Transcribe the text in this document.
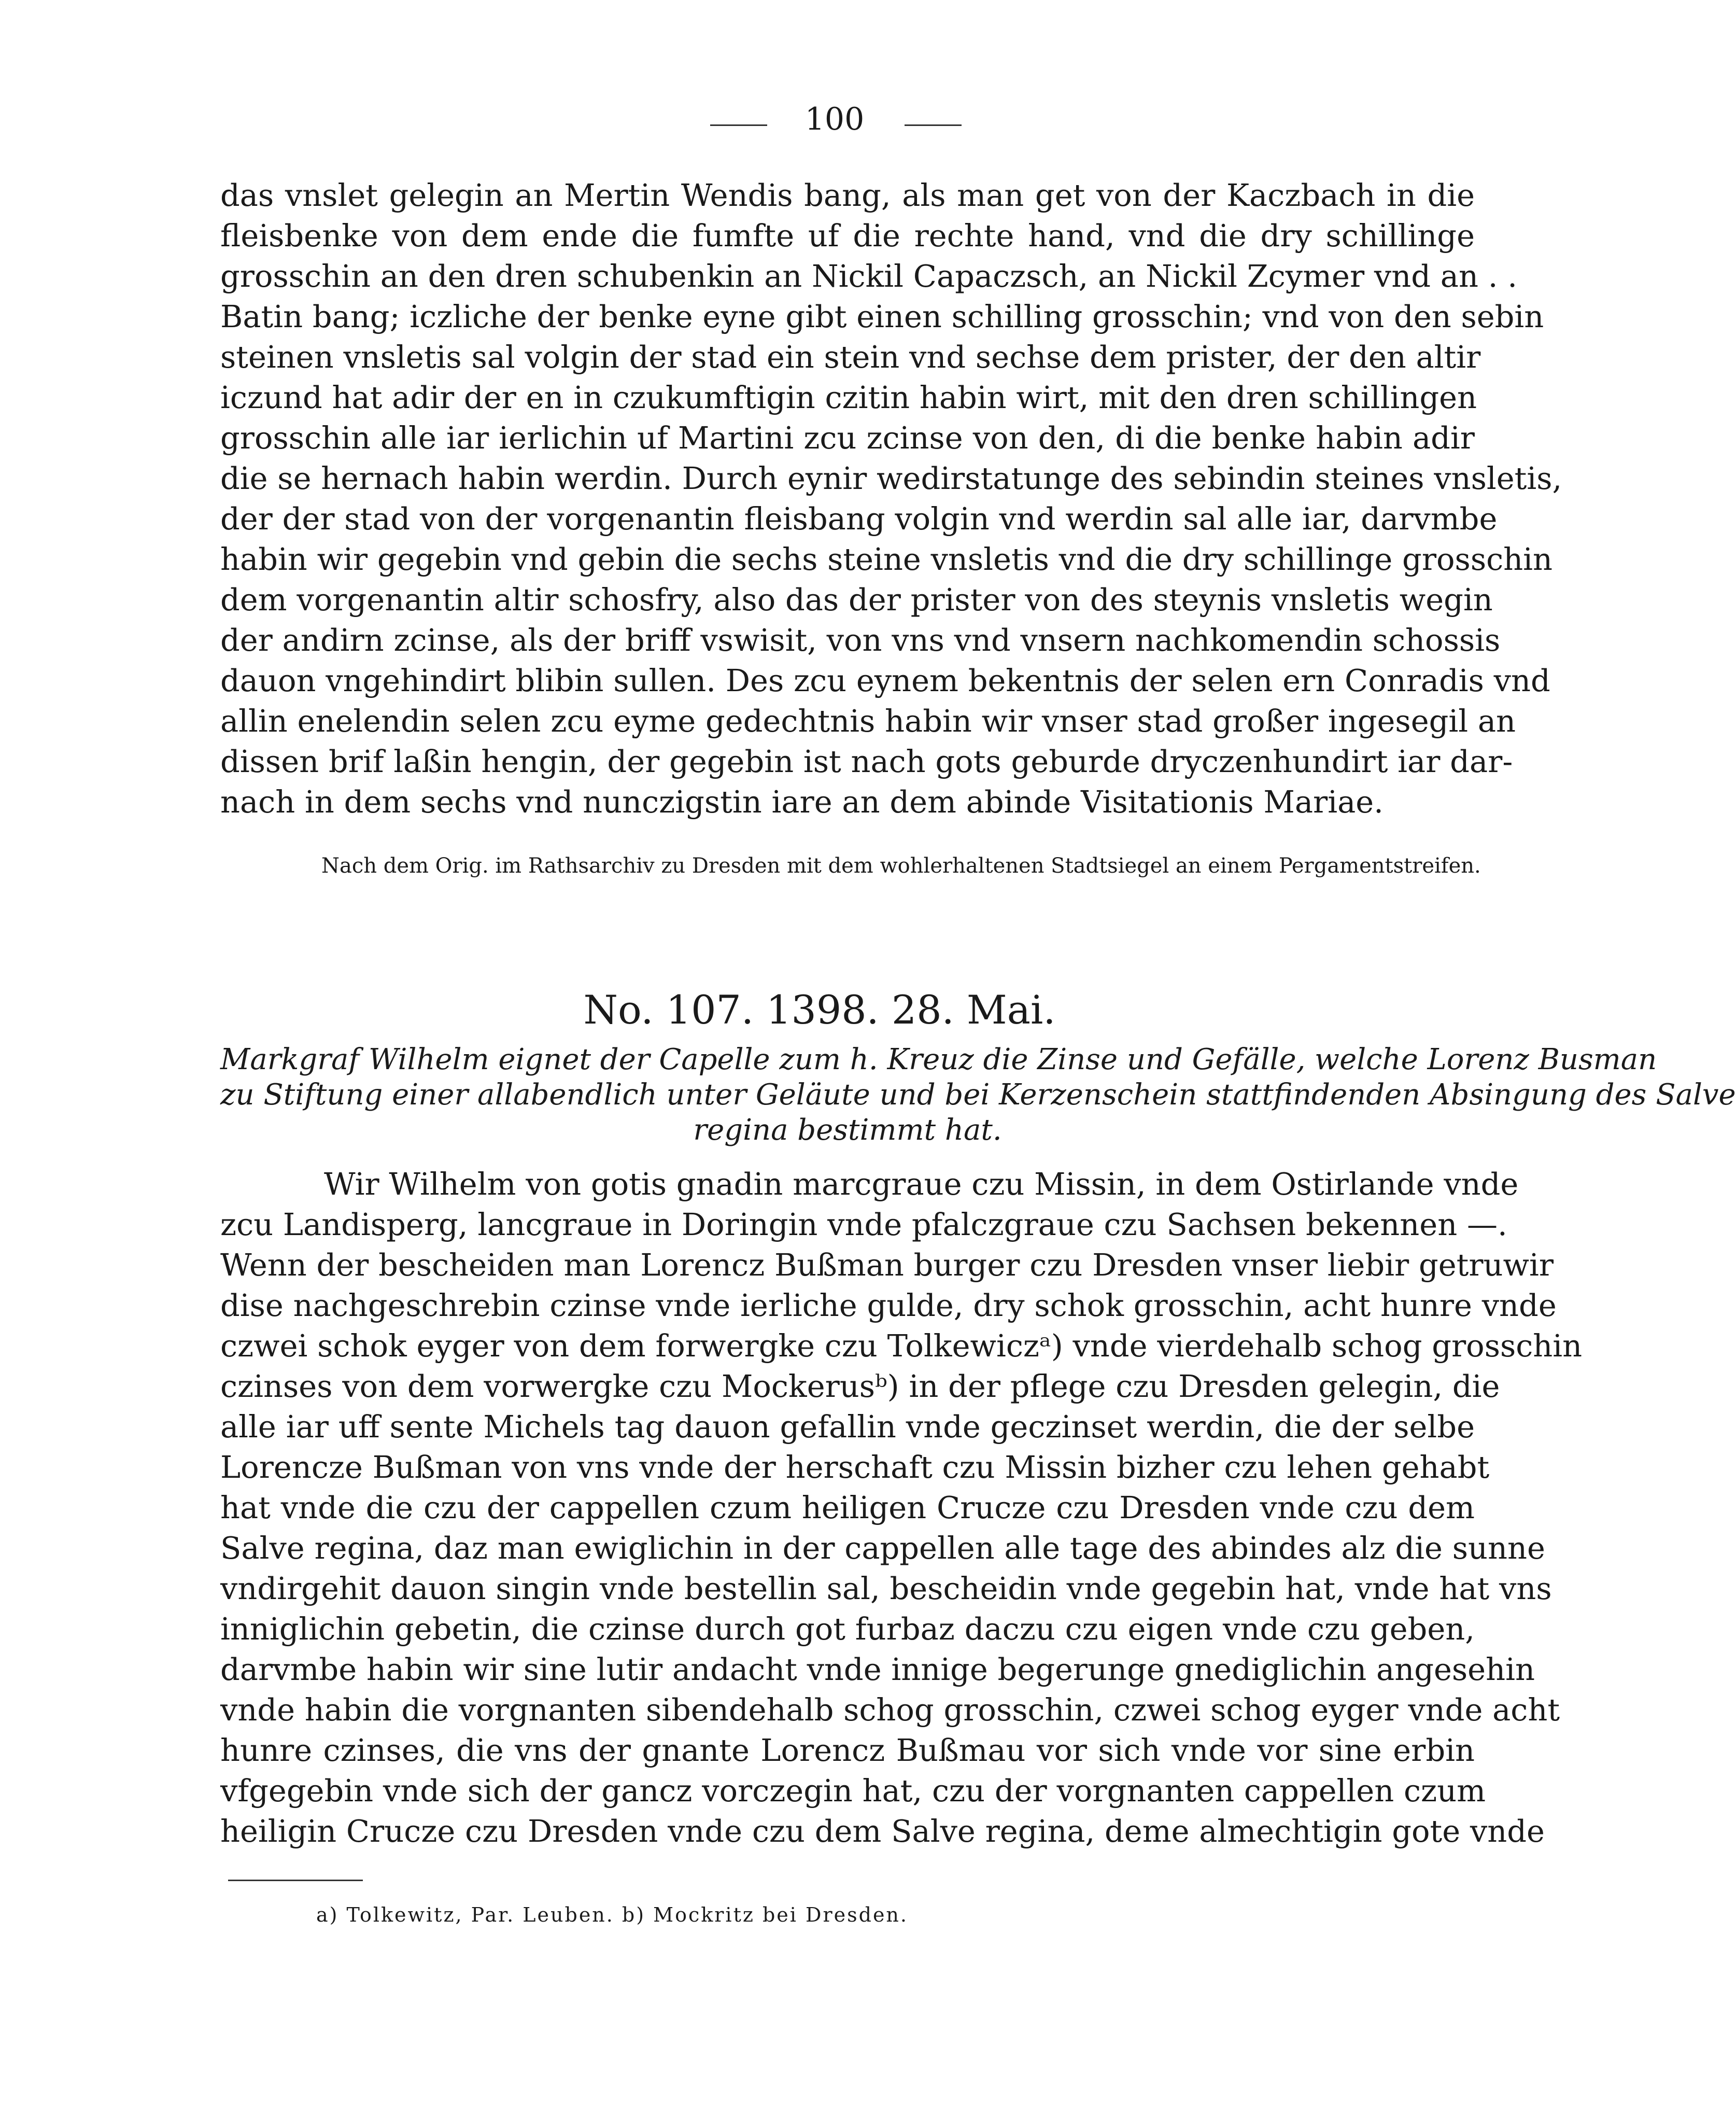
100
das vnslet gelegin an Mertin Wendis bang, als man get von der Kaczbach in die
fleisbenke von dem ende die fumfte uf die rechte hand, vnd die dry schillinge
grosschin an den dren schubenkin an Nickil Capaczsch, an Nickil Zcymer vnd an . .
Batin bang; iczliche der benke eyne gibt einen schilling grosschin; vnd von den sebin
steinen vnsletis sal volgin der stad ein stein vnd sechse dem prister, der den altir
iczund hat adir der en in czukumftigin czitin habin wirt, mit den dren schillingen
grosschin alle iar ierlichin uf Martini zcu zcinse von den, di die benke habin adir
die se hernach habin werdin. Durch eynir wedirstatunge des sebindin steines vnsletis,
der der stad von der vorgenantin fleisbang volgin vnd werdin sal alle iar, darvmbe
habin wir gegebin vnd gebin die sechs steine vnsletis vnd die dry schillinge grosschin
dem vorgenantin altir schosfry, also das der prister von des steynis vnsletis wegin
der andirn zcinse, als der briff vswisit, von vns vnd vnsern nachkomendin schossis
dauon vngehindirt blibin sullen. Des zcu eynem bekentnis der selen ern Conradis vnd
allin enelendin selen zcu eyme gedechtnis habin wir vnser stad großer ingesegil an
dissen brif laßin hengin, der gegebin ist nach gots geburde dryczenhundirt iar dar-
nach in dem sechs vnd nunczigstin iare an dem abinde Visitationis Mariae.
Nach dem Orig. im Rathsarchiv zu Dresden mit dem wohlerhaltenen Stadtsiegel an einem Pergamentstreifen.
No. 107. 1398. 28. Mai.
Markgraf Wilhelm eignet der Capelle zum h. Kreuz die Zinse und Gefälle, welche Lorenz Busman
zu Stiftung einer allabendlich unter Geläute und bei Kerzenschein stattfindenden Absingung des Salve
regina bestimmt hat.
Wir Wilhelm von gotis gnadin marcgraue czu Missin, in dem Ostirlande vnde
zcu Landisperg, lancgraue in Doringin vnde pfalczgraue czu Sachsen bekennen —.
Wenn der bescheiden man Lorencz Bußman burger czu Dresden vnser liebir getruwir
dise nachgeschrebin czinse vnde ierliche gulde, dry schok grosschin, acht hunre vnde
czwei schok eyger von dem forwergke czu Tolkewiczᵃ) vnde vierdehalb schog grosschin
czinses von dem vorwergke czu Mockerusᵇ) in der pflege czu Dresden gelegin, die
alle iar uff sente Michels tag dauon gefallin vnde geczinset werdin, die der selbe
Lorencze Bußman von vns vnde der herschaft czu Missin bizher czu lehen gehabt
hat vnde die czu der cappellen czum heiligen Crucze czu Dresden vnde czu dem
Salve regina, daz man ewiglichin in der cappellen alle tage des abindes alz die sunne
vndirgehit dauon singin vnde bestellin sal, bescheidin vnde gegebin hat, vnde hat vns
inniglichin gebetin, die czinse durch got furbaz daczu czu eigen vnde czu geben,
darvmbe habin wir sine lutir andacht vnde innige begerunge gnediglichin angesehin
vnde habin die vorgnanten sibendehalb schog grosschin, czwei schog eyger vnde acht
hunre czinses, die vns der gnante Lorencz Bußmau vor sich vnde vor sine erbin
vfgegebin vnde sich der gancz vorczegin hat, czu der vorgnanten cappellen czum
heiligin Crucze czu Dresden vnde czu dem Salve regina, deme almechtigin gote vnde
a) Tolkewitz, Par. Leuben. b) Mockritz bei Dresden.
